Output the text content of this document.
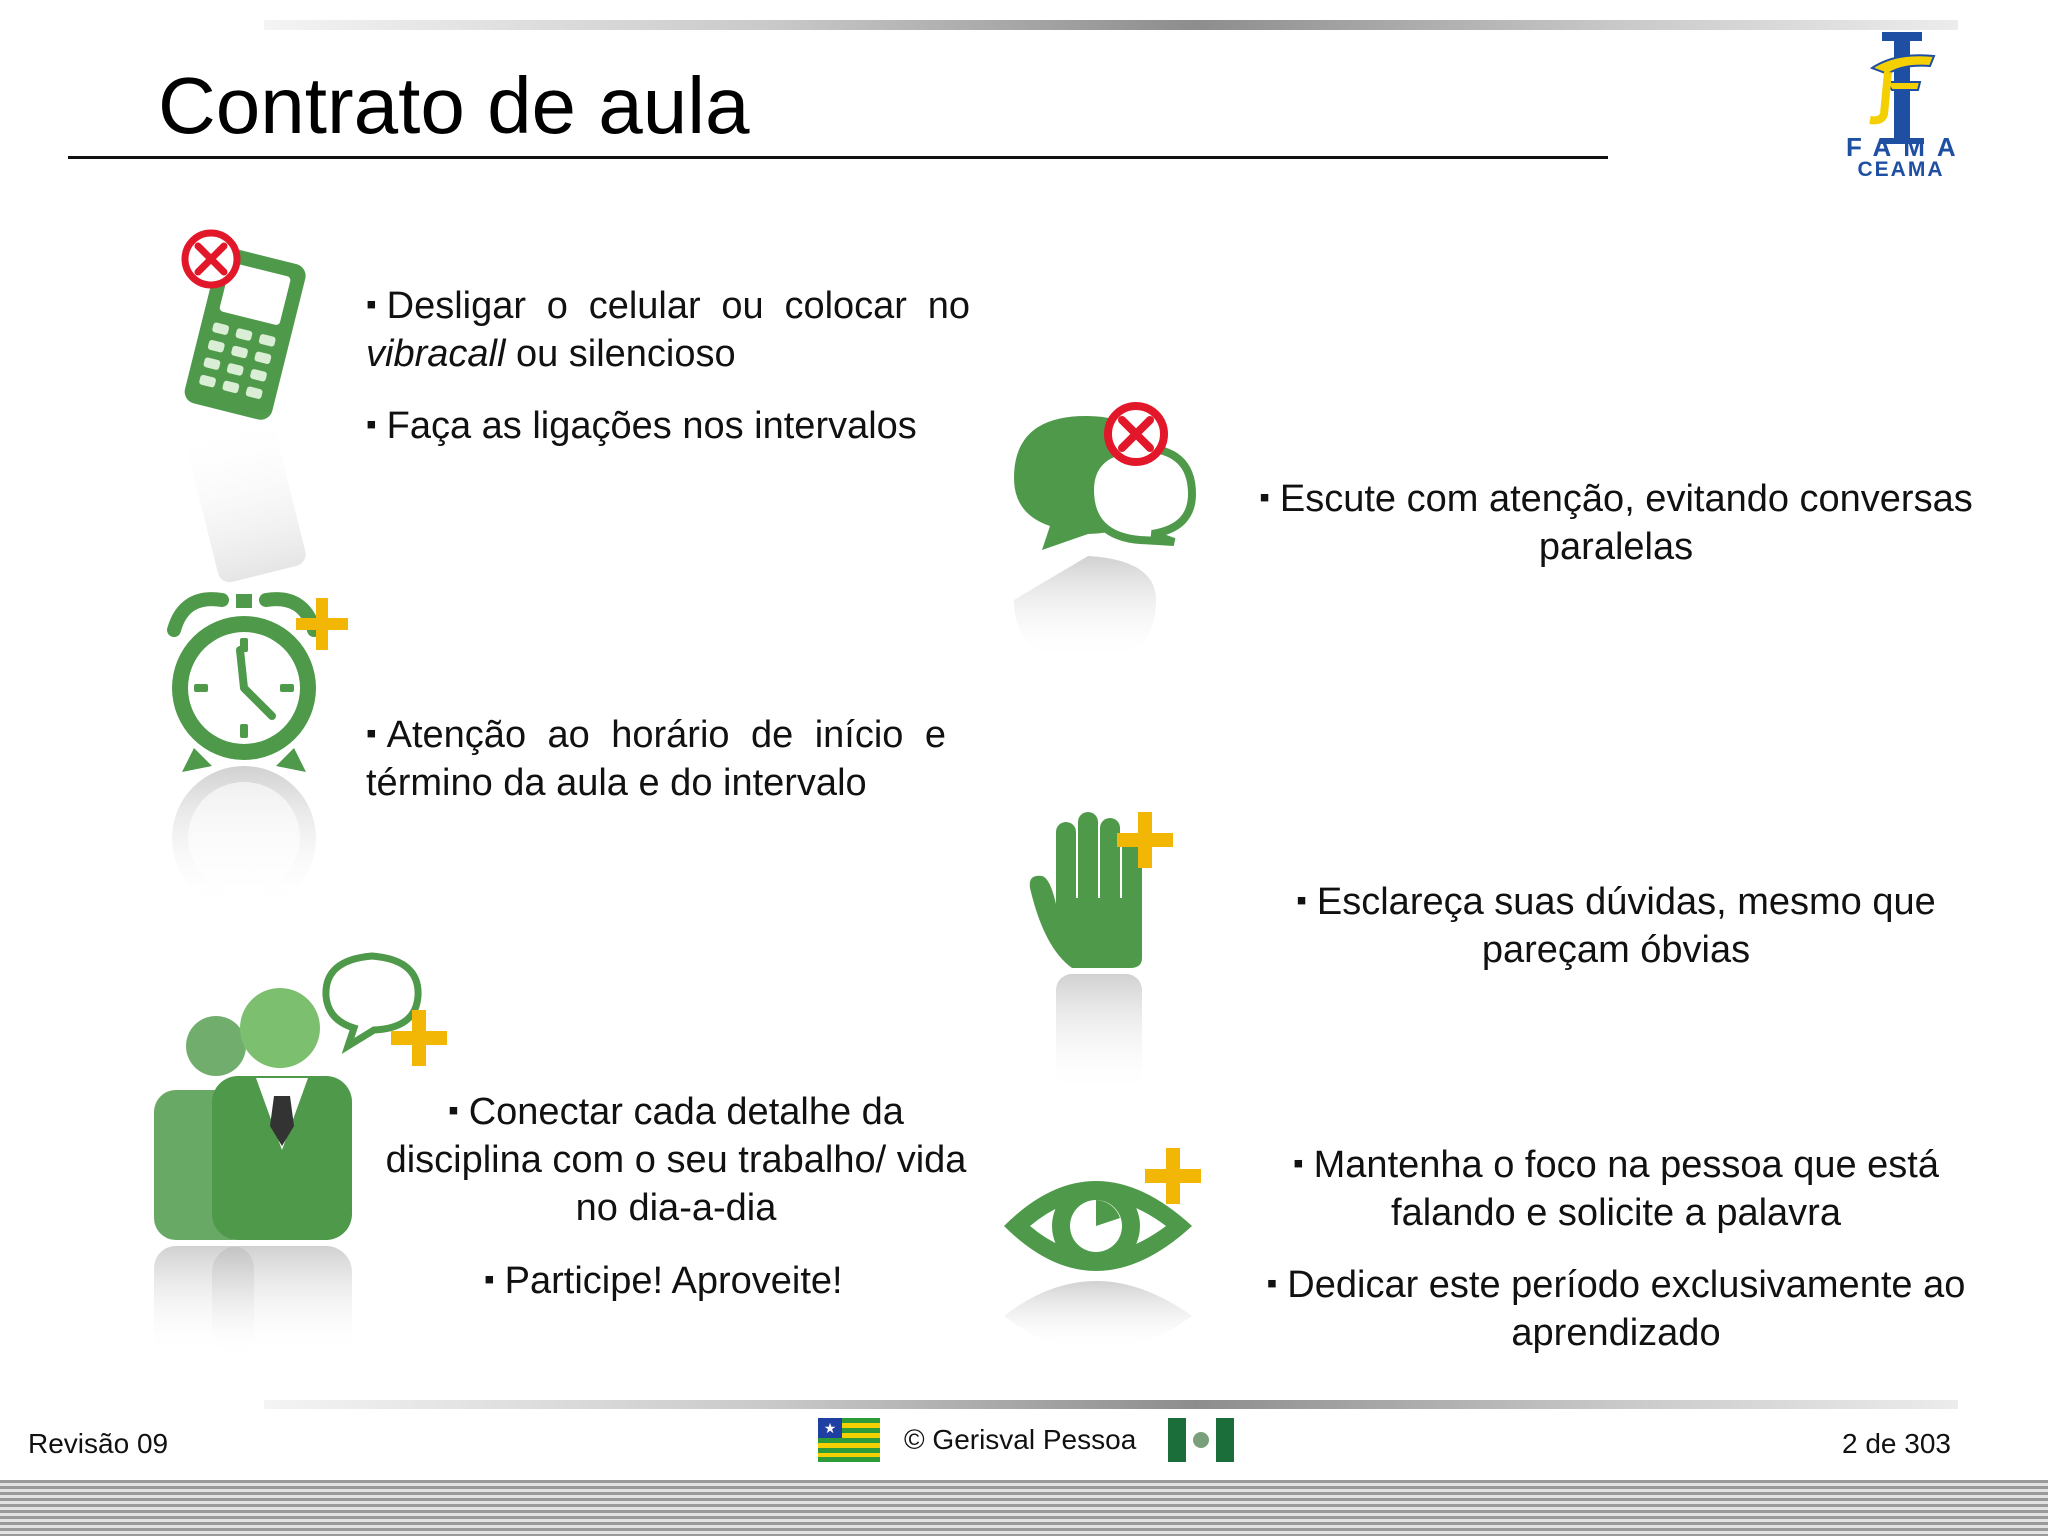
Contrato de aula	FAMA
CEAMA
▪ Desligar o celular ou colocar no
vibracall ou silencioso
▪ Faça as ligações nos intervalos
▪ Atenção ao horário de início e
término da aula e do intervalo
▪ Conectar cada detalhe da
disciplina com o seu trabalho/ vida
no dia-a-dia
▪ Participe! Aproveite!
▪ Escute com atenção, evitando conversas
paralelas
▪ Esclareça suas dúvidas, mesmo que
pareçam óbvias
▪ Mantenha o foco na pessoa que está
falando e solicite a palavra
▪ Dedicar este período exclusivamente ao
aprendizado
Revisão 09	★ © Gerisval Pessoa	2 de 303
